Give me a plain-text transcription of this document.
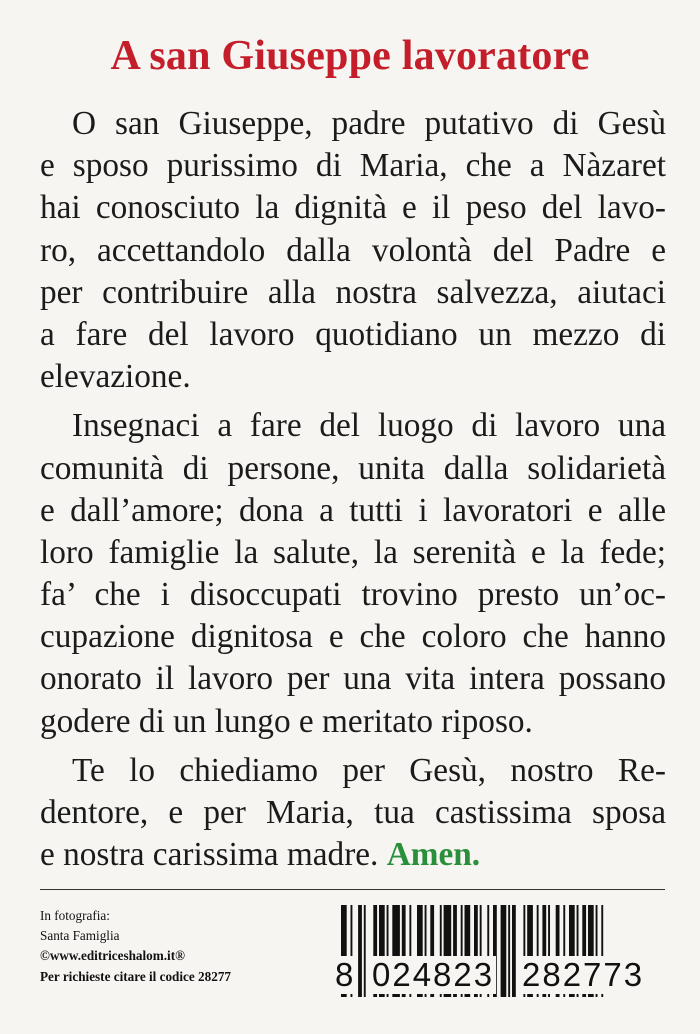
A san Giuseppe lavoratore
O san Giuseppe, padre putativo di Gesù
e sposo purissimo di Maria, che a Nàzaret
hai conosciuto la dignità e il peso del lavo-
ro, accettandolo dalla volontà del Padre e
per contribuire alla nostra salvezza, aiutaci
a fare del lavoro quotidiano un mezzo di
elevazione.
Insegnaci a fare del luogo di lavoro una
comunità di persone, unita dalla solidarietà
e dall’amore; dona a tutti i lavoratori e alle
loro famiglie la salute, la serenità e la fede;
fa’ che i disoccupati trovino presto un’oc-
cupazione dignitosa e che coloro che hanno
onorato il lavoro per una vita intera possano
godere di un lungo e meritato riposo.
Te lo chiediamo per Gesù, nostro Re-
dentore, e per Maria, tua castissima sposa
e nostra carissima madre. Amen.
In fotografia:
Santa Famiglia
©www.editriceshalom.it®
Per richieste citare il codice 28277	8 024823 282773
